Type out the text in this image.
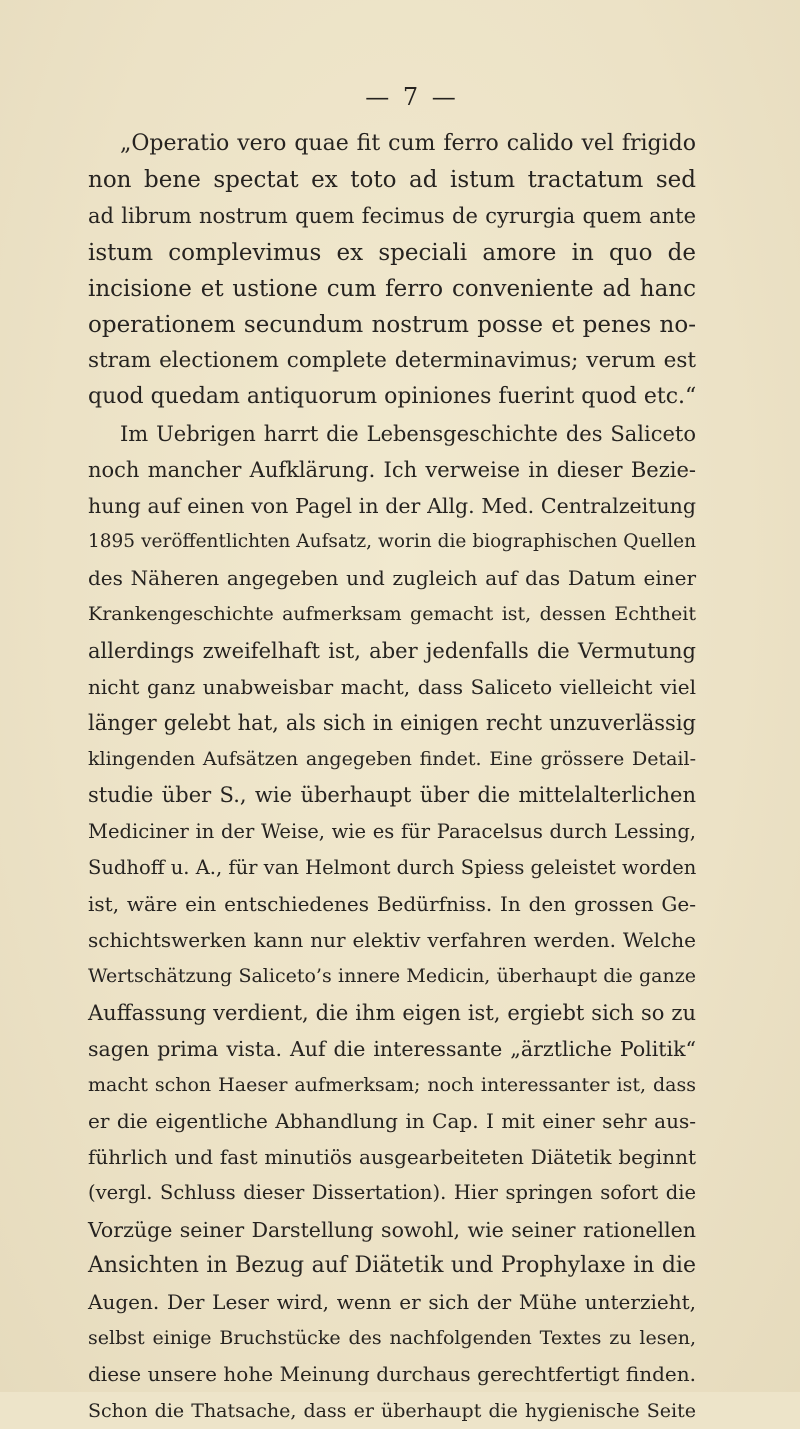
— 7 —
„Operatio vero quae fit cum ferro calido vel frigido
non bene spectat ex toto ad istum tractatum sed
ad librum nostrum quem fecimus de cyrurgia quem ante
istum complevimus ex speciali amore in quo de
incisione et ustione cum ferro conveniente ad hanc
operationem secundum nostrum posse et penes no-
stram electionem complete determinavimus; verum est
quod quedam antiquorum opiniones fuerint quod etc.“
Im Uebrigen harrt die Lebensgeschichte des Saliceto
noch mancher Aufklärung. Ich verweise in dieser Bezie-
hung auf einen von Pagel in der Allg. Med. Centralzeitung
1895 veröffentlichten Aufsatz, worin die biographischen Quellen
des Näheren angegeben und zugleich auf das Datum einer
Krankengeschichte aufmerksam gemacht ist, dessen Echtheit
allerdings zweifelhaft ist, aber jedenfalls die Vermutung
nicht ganz unabweisbar macht, dass Saliceto vielleicht viel
länger gelebt hat, als sich in einigen recht unzuverlässig
klingenden Aufsätzen angegeben findet. Eine grössere Detail-
studie über S., wie überhaupt über die mittelalterlichen
Mediciner in der Weise, wie es für Paracelsus durch Lessing,
Sudhoff u. A., für van Helmont durch Spiess geleistet worden
ist, wäre ein entschiedenes Bedürfniss. In den grossen Ge-
schichtswerken kann nur elektiv verfahren werden. Welche
Wertschätzung Saliceto’s innere Medicin, überhaupt die ganze
Auffassung verdient, die ihm eigen ist, ergiebt sich so zu
sagen prima vista. Auf die interessante „ärztliche Politik“
macht schon Haeser aufmerksam; noch interessanter ist, dass
er die eigentliche Abhandlung in Cap. I mit einer sehr aus-
führlich und fast minutiös ausgearbeiteten Diätetik beginnt
(vergl. Schluss dieser Dissertation). Hier springen sofort die
Vorzüge seiner Darstellung sowohl, wie seiner rationellen
Ansichten in Bezug auf Diätetik und Prophylaxe in die
Augen. Der Leser wird, wenn er sich der Mühe unterzieht,
selbst einige Bruchstücke des nachfolgenden Textes zu lesen,
diese unsere hohe Meinung durchaus gerechtfertigt finden.
Schon die Thatsache, dass er überhaupt die hygienische Seite
